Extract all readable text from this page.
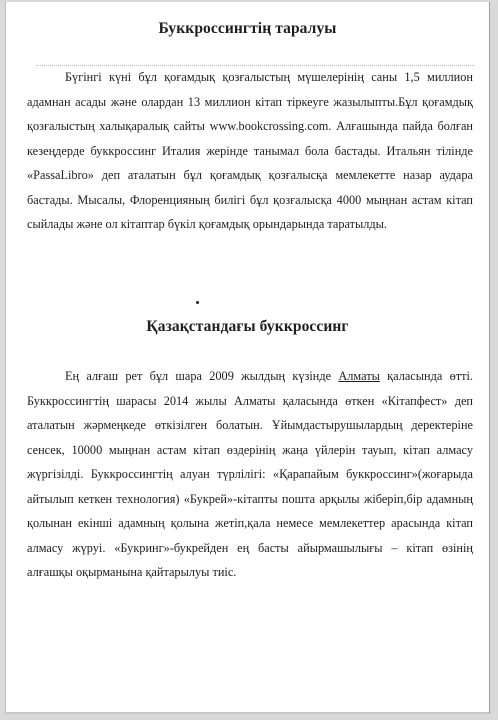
Буккроссингтің таралуы

Бүгінгі күні бұл қоғамдық қозғалыстың мүшелерінің саны 1,5 миллион адамнан асады және олардан 13 миллион кітап тіркеуге жазылыпты.Бұл қоғамдық қозғалыстың халықаралық сайты www.bookcrossing.com. Алғашында пайда болған кезеңдерде буккроссинг Италия жерінде танымал бола бастады. Итальян тілінде «PassaLibro» деп аталатын бұл қоғамдық қозғалысқа мемлекетте назар аудара бастады. Мысалы, Флоренцияның билігі бұл қозғалысқа 4000 мыңнан астам кітап сыйлады және ол кітаптар бүкіл қоғамдық орындарында таратылды.

Қазақстандағы буккроссинг

Ең алғаш рет бұл шара 2009 жылдың күзінде Алматы қаласында өтті. Буккроссингтің шарасы 2014 жылы Алматы қаласында өткен «Кітапфест» деп аталатын жәрмеңкеде өткізілген болатын. Ұйымдастырушылардың деректеріне сенсек, 10000 мыңнан астам кітап өздерінің жаңа үйлерін тауып, кітап алмасу жүргізілді. Буккроссингтің алуан түрлілігі: «Қарапайым буккроссинг»(жоғарыда айтылып кеткен технология) «Букрей»-кітапты пошта арқылы жіберіп,бір адамның қолынан екінші адамның қолына жетіп,қала немесе мемлекеттер арасында кітап алмасу жүруі. «Букринг»-букрейден ең басты айырмашылығы – кітап өзінің алғашқы оқырманына қайтарылуы тиіс.
